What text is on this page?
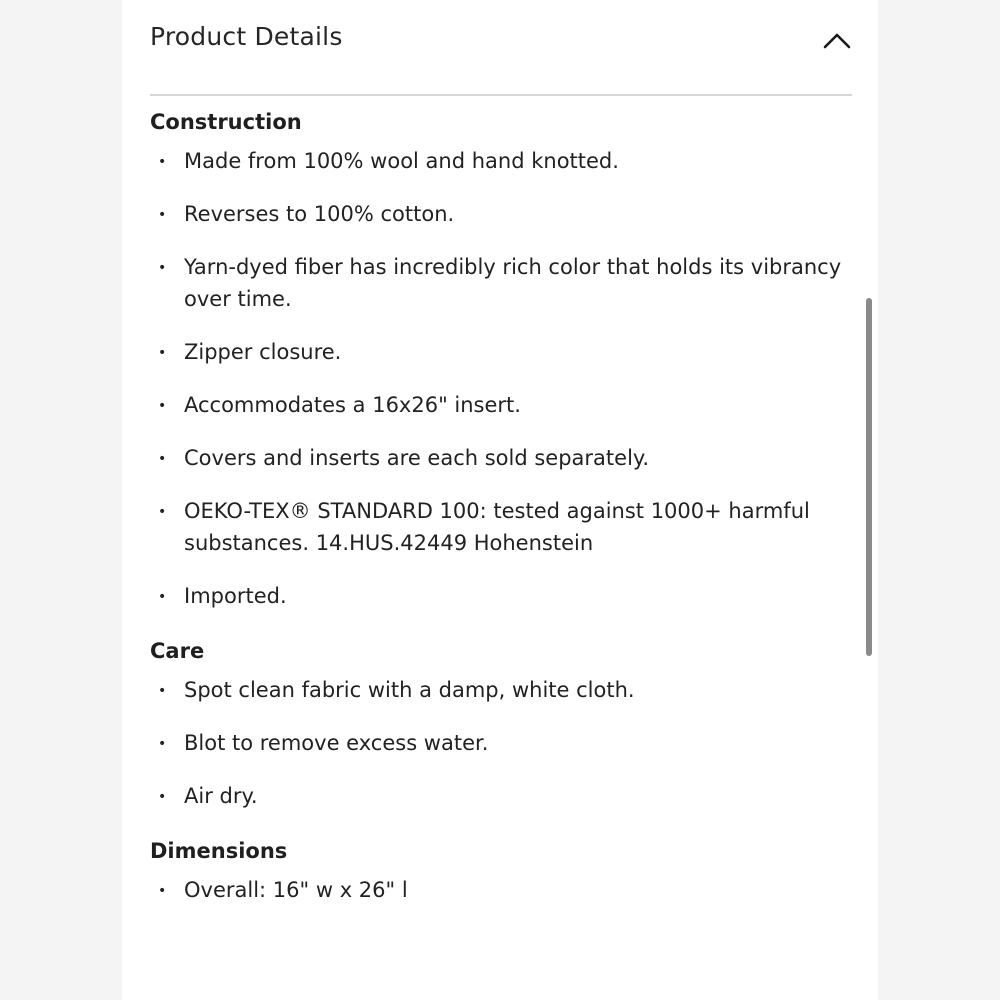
Product Details
Construction
• Made from 100% wool and hand knotted.
• Reverses to 100% cotton.
• Yarn-dyed fiber has incredibly rich color that holds its vibrancy over time.
• Zipper closure.
• Accommodates a 16x26" insert.
• Covers and inserts are each sold separately.
• OEKO-TEX® STANDARD 100: tested against 1000+ harmful substances. 14.HUS.42449 Hohenstein
• Imported.
Care
• Spot clean fabric with a damp, white cloth.
• Blot to remove excess water.
• Air dry.
Dimensions
• Overall: 16" w x 26" l
